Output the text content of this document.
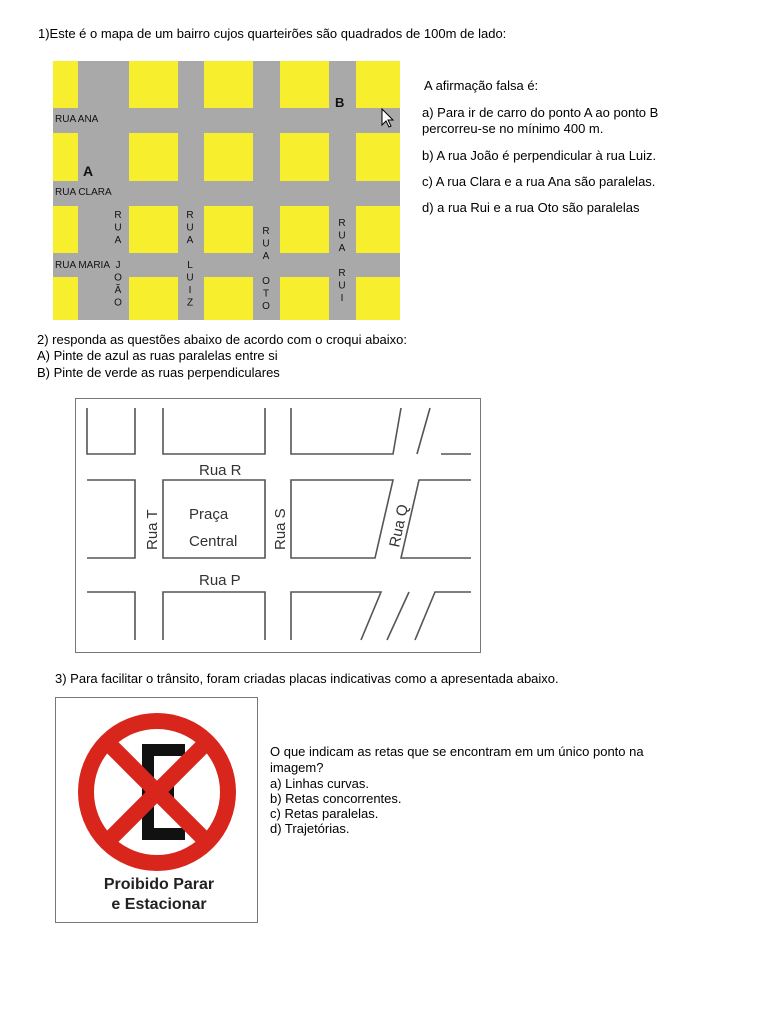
1)Este é o mapa de um bairro cujos quarteirões são quadrados de 100m de lado:
RUA ANA
RUA CLARA
RUA MARIA
B
A
R
U
A
J
O
Ã
O
R
U
A
L
U
I
Z
R
U
A
O
T
O
R
U
A
R
U
I
A afirmação falsa é:
a) Para ir de carro do ponto A ao ponto B
percorreu-se no mínimo 400 m.
b) A rua João é perpendicular à rua Luiz.
c) A rua Clara e a rua Ana são paralelas.
d) a rua Rui e a rua Oto são paralelas
2) responda as questões abaixo de acordo com o croqui abaixo:
A) Pinte de azul as ruas paralelas entre si
B) Pinte de verde as ruas perpendiculares
Rua R
Rua P
Praça
Central
Rua T	Rua S	Rua Q
3) Para facilitar o trânsito, foram criadas placas indicativas como a apresentada abaixo.
Proibido Parar
e Estacionar
O que indicam as retas que se encontram em um único ponto na
imagem?
a) Linhas curvas.
b) Retas concorrentes.
c) Retas paralelas.
d) Trajetórias.
